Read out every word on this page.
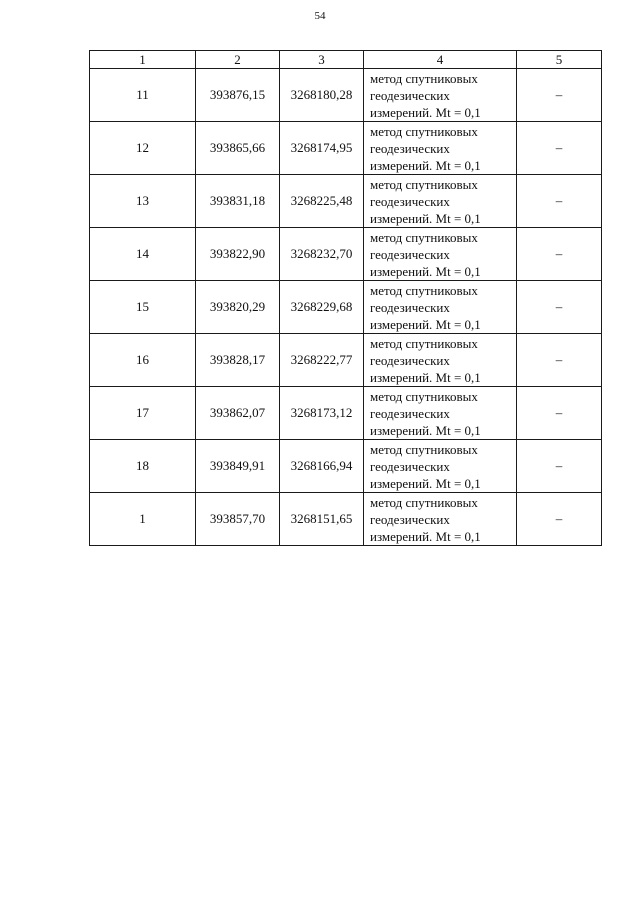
54
1	2	3	4	5
11	393876,15	3268180,28	метод спутниковых
геодезических
измерений. Mt = 0,1	–
12	393865,66	3268174,95	метод спутниковых
геодезических
измерений. Mt = 0,1	–
13	393831,18	3268225,48	метод спутниковых
геодезических
измерений. Mt = 0,1	–
14	393822,90	3268232,70	метод спутниковых
геодезических
измерений. Mt = 0,1	–
15	393820,29	3268229,68	метод спутниковых
геодезических
измерений. Mt = 0,1	–
16	393828,17	3268222,77	метод спутниковых
геодезических
измерений. Mt = 0,1	–
17	393862,07	3268173,12	метод спутниковых
геодезических
измерений. Mt = 0,1	–
18	393849,91	3268166,94	метод спутниковых
геодезических
измерений. Mt = 0,1	–
1	393857,70	3268151,65	метод спутниковых
геодезических
измерений. Mt = 0,1	–
